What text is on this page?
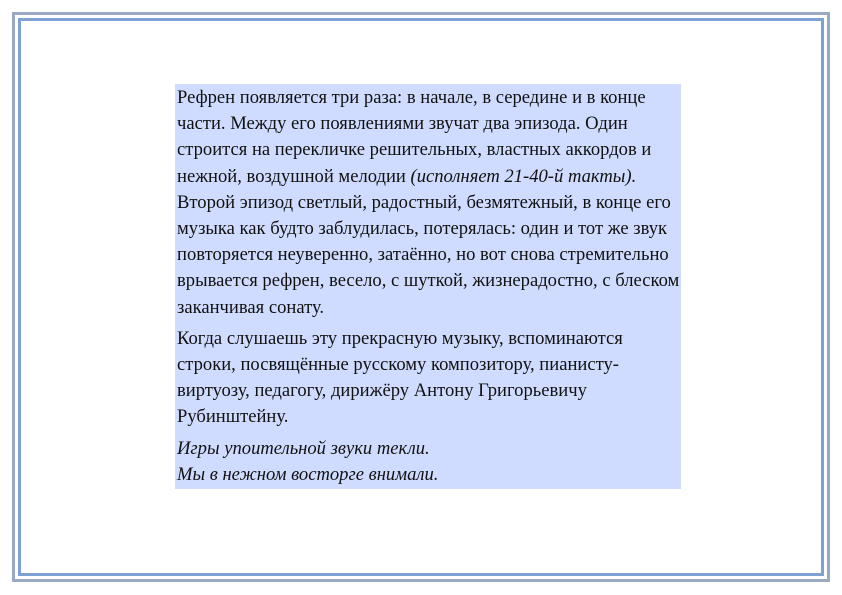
Рефрен появляется три раза: в начале, в середине и в конце части. Между его появлениями звучат два эпизода. Один строится на перекличке решительных, властных аккордов и нежной, воздушной мелодии (исполняет 21-40-й такты). Второй эпизод светлый, радостный, безмятежный, в конце его музыка как будто заблудилась, потерялась: один и тот же звук повторяется неуверенно, затаённо, но вот снова стремительно врывается рефрен, весело, с шуткой, жизнерадостно, с блеском заканчивая сонату.

Когда слушаешь эту прекрасную музыку, вспоминаются строки, посвящённые русскому композитору, пианисту-виртуозу, педагогу, дирижёру Антону Григорьевичу Рубинштейну.

Игры упоительной звуки текли.
Мы в нежном восторге внимали.
